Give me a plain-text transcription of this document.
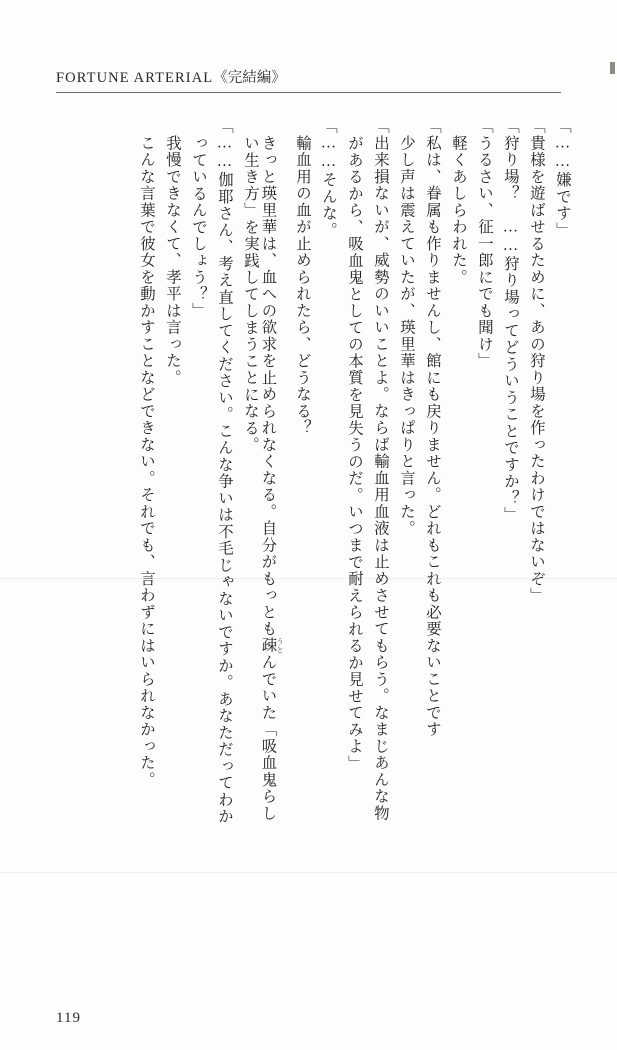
FORTUNE ARTERIAL《完結編》
「……嫌です」
「貴様を遊ばせるために、あの狩り場を作ったわけではないぞ」
「狩り場？　……狩り場ってどういうことですか？」
「うるさい、征一郎にでも聞け」
　軽くあしらわれた。
「私は、眷属も作りませんし、館にも戻りません。どれもこれも必要ないことです
　少し声は震えていたが、瑛里華はきっぱりと言った。
「出来損ないが、威勢のいいことよ。ならば輸血用血液は止めさせてもらう。なまじあんな物
があるから、吸血鬼としての本質を見失うのだ。いつまで耐えられるか見せてみよ」
「……そんな。
　輸血用の血が止められたら、どうなる？
　きっと瑛里華は、血への欲求を止められなくなる。自分がもっとも疎 うとんでいた「吸血鬼らし
い生き方」を実践してしまうことになる。
「……伽耶さん、考え直してください。こんな争いは不毛じゃないですか。あなただってわか
っているんでしょう？」
　我慢できなくて、孝平は言った。
　こんな言葉で彼女を動かすことなどできない。それでも、言わずにはいられなかった。
119
